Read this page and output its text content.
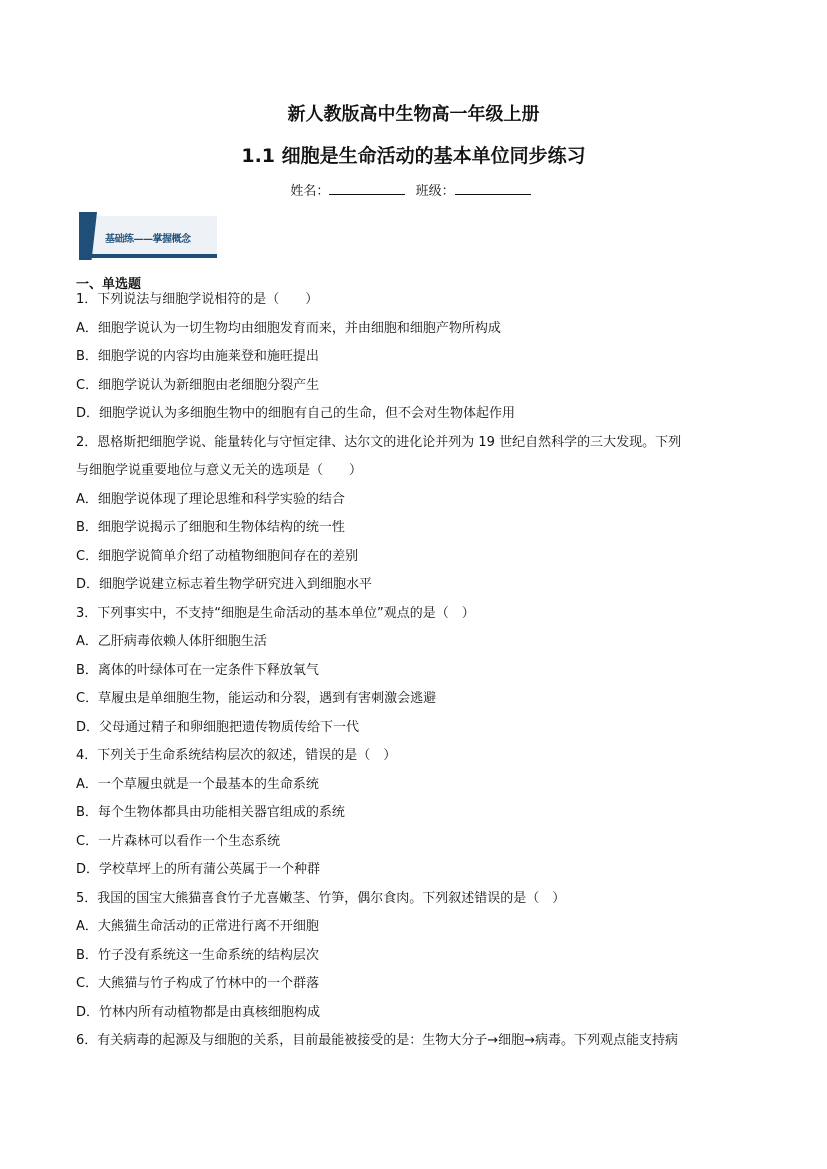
新人教版高中生物高一年级上册
1.1 细胞是生命活动的基本单位同步练习
姓名：	班级：
基础练——掌握概念
一、单选题
1．下列说法与细胞学说相符的是（　　）
A．细胞学说认为一切生物均由细胞发育而来，并由细胞和细胞产物所构成
B．细胞学说的内容均由施莱登和施旺提出
C．细胞学说认为新细胞由老细胞分裂产生
D．细胞学说认为多细胞生物中的细胞有自己的生命，但不会对生物体起作用
2．恩格斯把细胞学说、能量转化与守恒定律、达尔文的进化论并列为 19 世纪自然科学的三大发现。下列
与细胞学说重要地位与意义无关的选项是（　　）
A．细胞学说体现了理论思维和科学实验的结合
B．细胞学说揭示了细胞和生物体结构的统一性
C．细胞学说简单介绍了动植物细胞间存在的差别
D．细胞学说建立标志着生物学研究进入到细胞水平
3．下列事实中，不支持“细胞是生命活动的基本单位”观点的是（　）
A．乙肝病毒依赖人体肝细胞生活
B．离体的叶绿体可在一定条件下释放氧气
C．草履虫是单细胞生物，能运动和分裂，遇到有害刺激会逃避
D．父母通过精子和卵细胞把遗传物质传给下一代
4．下列关于生命系统结构层次的叙述，错误的是（　）
A．一个草履虫就是一个最基本的生命系统
B．每个生物体都具由功能相关器官组成的系统
C．一片森林可以看作一个生态系统
D．学校草坪上的所有蒲公英属于一个种群
5．我国的国宝大熊猫喜食竹子尤喜嫩茎、竹笋，偶尔食肉。下列叙述错误的是（　）
A．大熊猫生命活动的正常进行离不开细胞
B．竹子没有系统这一生命系统的结构层次
C．大熊猫与竹子构成了竹林中的一个群落
D．竹林内所有动植物都是由真核细胞构成
6．有关病毒的起源及与细胞的关系，目前最能被接受的是：生物大分子→细胞→病毒。下列观点能支持病
